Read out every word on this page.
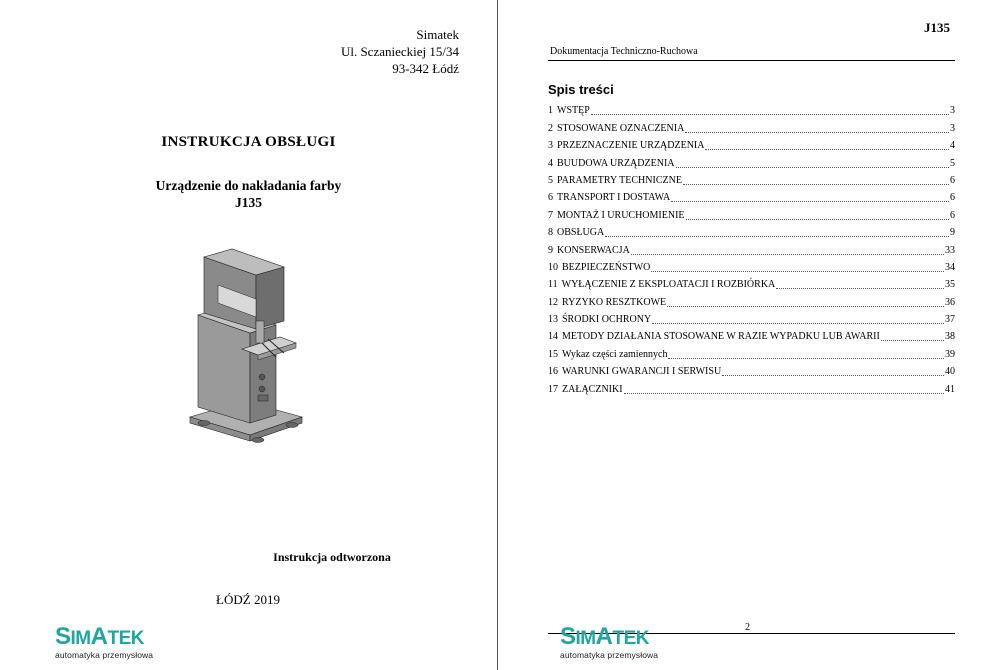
Simatek
Ul. Sczanieckiej 15/34
93-342 Łódź
INSTRUKCJA OBSŁUGI
Urządzenie do nakładania farby
J135
Instrukcja odtworzona
ŁÓDŹ 2019
SIMATEK
automatyka przemysłowa
J135
Dokumentacja Techniczno-Ruchowa
Spis treści
1 WSTĘP	3
2 STOSOWANE OZNACZENIA	3
3 PRZEZNACZENIE URZĄDZENIA	4
4 BUUDOWA URZĄDZENIA	5
5 PARAMETRY TECHNICZNE	6
6 TRANSPORT I DOSTAWA	6
7 MONTAŻ I URUCHOMIENIE	6
8 OBSŁUGA	9
9 KONSERWACJA	33
10 BEZPIECZEŃSTWO	34
11 WYŁĄCZENIE Z EKSPLOATACJI I ROZBIÓRKA	35
12 RYZYKO RESZTKOWE	36
13 ŚRODKI OCHRONY	37
14 METODY DZIAŁANIA STOSOWANE W RAZIE WYPADKU LUB AWARII	38
15 Wykaz części zamiennych	39
16 WARUNKI GWARANCJI I SERWISU	40
17 ZAŁĄCZNIKI	41
2
SIMATEK
automatyka przemysłowa
